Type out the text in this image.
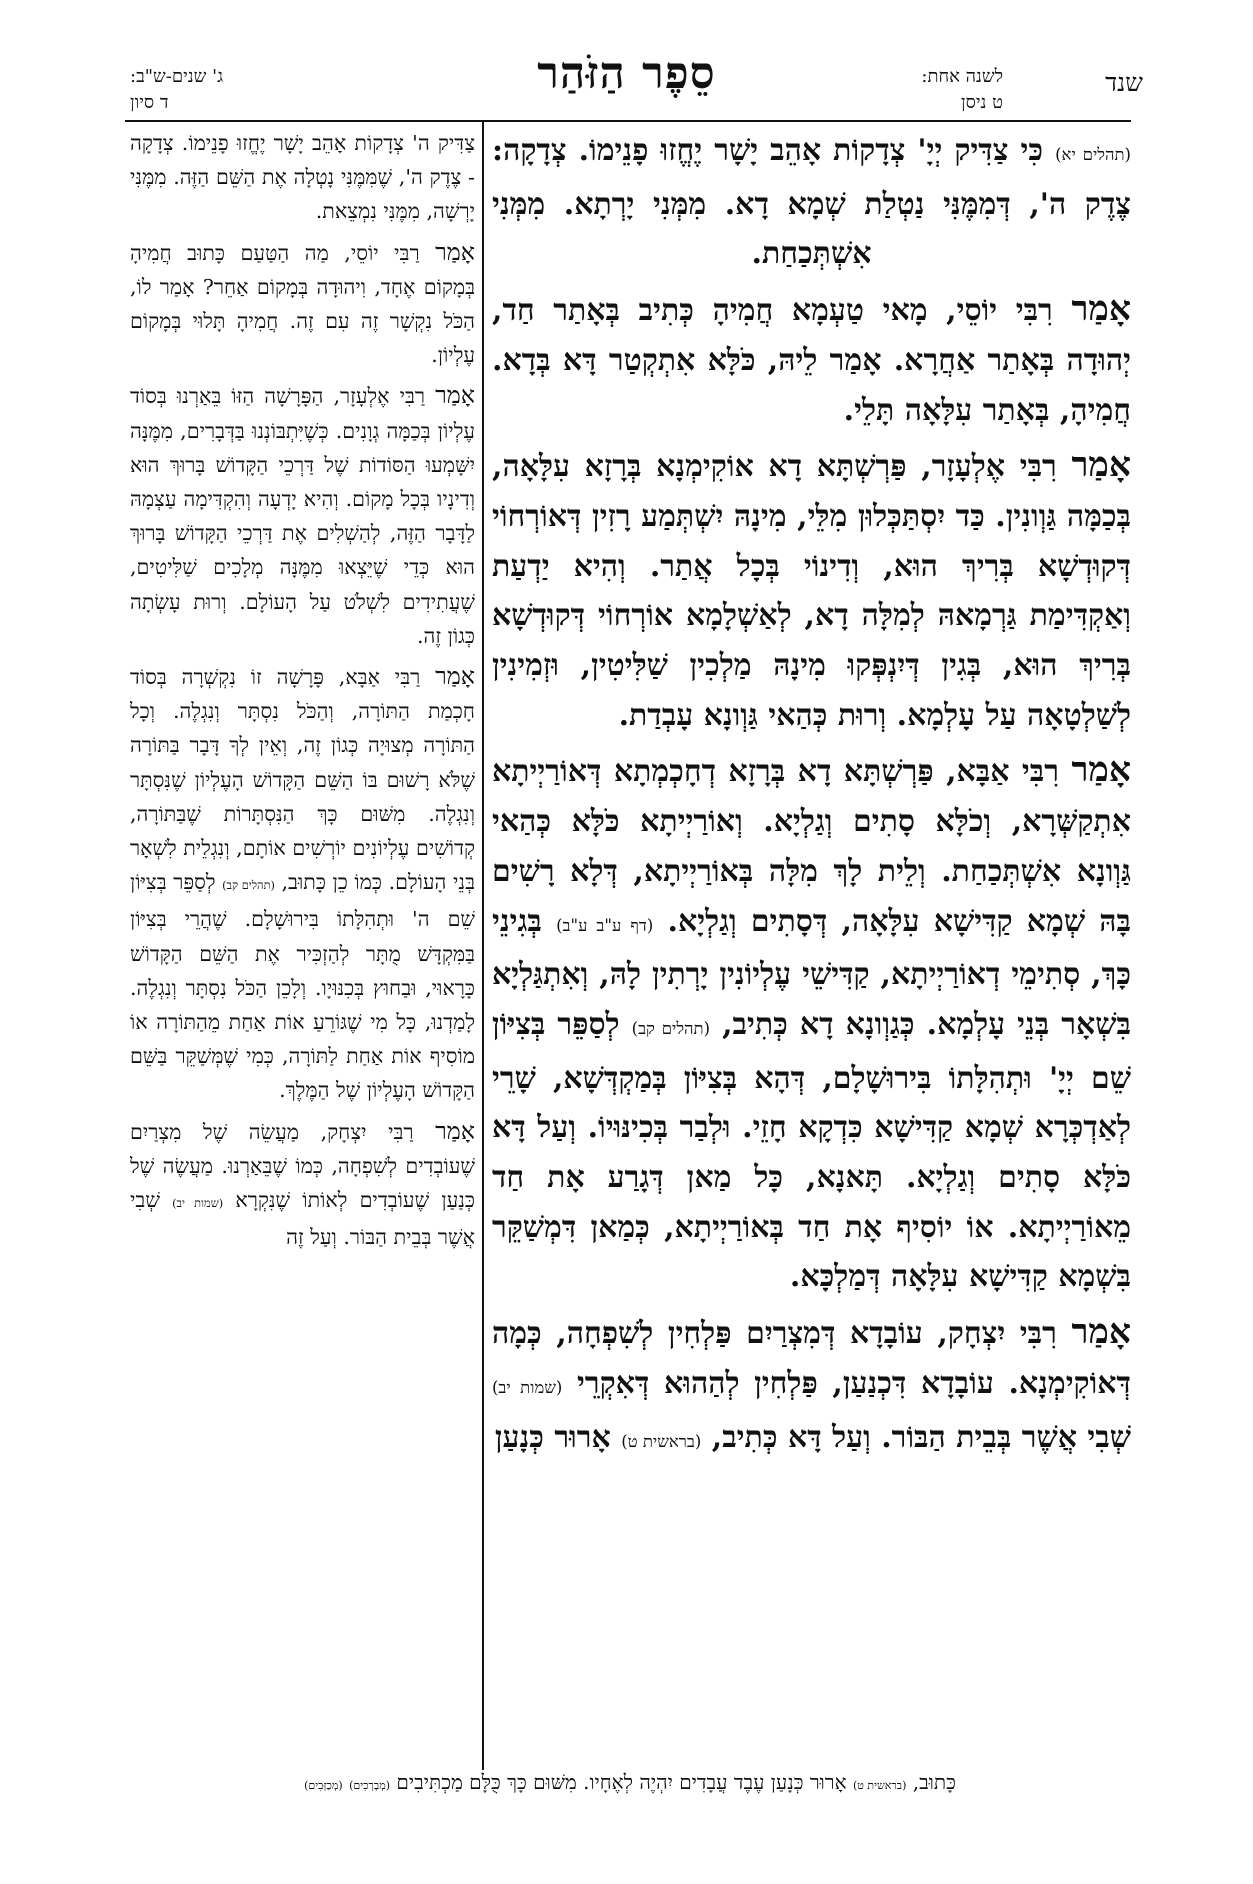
שנד
לשנה אחת:
ט ניסן
סֵפֶר הַזֹּהַר
ג' שנים-ש"ב:
ד סיון

(תהלים יא) כִּי צַדִּיק יְיָ' צְדָקוֹת אָהֵב יָשָׁר יֶחֱזוּ פָנֵימוֹ. צְדָקָה: צֶדֶק ה', דְּמִמֶּנִּי נַטְלַת שְׁמָא דָא. מִמְּנִי יָרְתָא. מִמְּנִי אִשְׁתְּכַחַת.

אָמַר רִבִּי יוֹסֵי, מָאי טַעְמָא חֲמִיהָ כְּתִיב בְּאָתַר חַד, יְהוּדָה בְּאָתַר אַחֲרָא. אָמַר לֵיהּ, כֹּלָּא אִתְקְטַר דָּא בְּדָא. חֲמִיהָ, בְּאָתַר עִלָּאָה תָּלֵי.

אָמַר רִבִּי אֶלְעָזָר, פַּרְשְׁתָּא דָא אוֹקִימְנָא בְּרָזָא עִלָּאָה, בְּכַמָּה גַּוְונִין. כַּד יִסְתַּכְּלוּן מִלֵּי, מִינָהּ יִשְׁתְּמַע רָזִין דְּאוֹרְחוֹי דְּקוּדְשָׁא בְּרִיךְ הוּא, וְדִינוֹי בְּכָל אֲתַר. וְהִיא יַדְעַת וְאַקְדִּימַת גַּרְמָאהּ לְמִלָּה דָא, לְאַשְׁלָמָא אוֹרְחוֹי דְּקוּדְשָׁא בְּרִיךְ הוּא, בְּגִין דְּיִנְפְּקוּ מִינָהּ מַלְכִין שַׁלִּיטִין, וּזְמִינִין לְשַׁלְטָאָה עַל עָלְמָא. וְרוּת כְּהַאי גַּוְונָא עָבְדַת.

אָמַר רִבִּי אַבָּא, פַּרְשְׁתָּא דָא בְּרָזָא דְחָכְמְתָא דְּאוֹרַיְיתָא אִתְקַשְּׁרָא, וְכֹלָּא סָתִים וְגַלְיָא. וְאוֹרַיְיתָא כֹּלָּא כְּהַאי גַּוְונָא אִשְׁתְּכַחַת. וְלֵית לָךְ מִלָּה בְּאוֹרַיְיתָא, דְּלָא רָשִׁים בָּהּ שְׁמָא קַדִּישָׁא עִלָּאָה, דְּסָתִים וְגַלְיָא. (דף ע"ב ע"ב) בְּגִינֵי כָּךְ, סְתִימֵי דְאוֹרַיְיתָא, קַדִּישֵׁי עֶלְיוֹנִין יָרְתִין לָהּ, וְאִתְגַּלְיָא בִּשְׁאָר בְּנֵי עָלְמָא. כְּגַוְונָא דָא כְּתִיב, (תהלים קב) לְסַפֵּר בְּצִיּוֹן שֵׁם יְיָ' וּתְהִלָּתוֹ בִּירוּשָׁלָם, דְּהָא בְּצִיּוֹן בְּמַקְדְּשָׁא, שָׁרֵי לְאַדְכְּרָא שְׁמָא קַדִּישָׁא כִּדְקָא חָזֵי. וּלְבַר בְּכִינּוּיוֹ. וְעַל דָּא כֹּלָּא סָתִים וְגַלְיָא. תָּאנָא, כָּל מַאן דְּגָרַע אָת חַד מֵאוֹרַיְיתָא. אוֹ יוֹסִיף אָת חַד בְּאוֹרַיְיתָא, כְּמַאן דִּמְשַׁקֵּר בִּשְׁמָא קַדִּישָׁא עִלָּאָה דְּמַלְכָּא.

אָמַר רִבִּי יִצְחָק, עוֹבָדָא דְּמִצְרַיִם פַּלְחִין לְשִׁפְחָה, כְּמָה דְּאוֹקִימְנָא. עוֹבָדָא דִּכְנַעַן, פַּלְחִין לְהַהוּא דְּאִקְרֵי (שמות יב) שְׁבִי אֲשֶׁר בְּבֵית הַבּוֹר. וְעַל דָּא כְּתִיב, (בראשית ט) אָרוּר כְּנָעַן

צַדִּיק ה' צְדָקוֹת אָהֵב יָשָׁר יֶחֱזוּ פָנֵימוֹ. צְדָקָה - צֶדֶק ה', שֶׁמִּמֶּנִּי נָטְלָה אֶת הַשֵּׁם הַזֶּה. מִמֶּנִּי יָרְשָׁה, מִמֶּנִּי נִמְצֵאת.

אָמַר רַבִּי יוֹסֵי, מַה הַטַּעַם כָּתוּב חֲמִיהָ בְּמָקוֹם אֶחָד, וִיהוּדָה בְּמָקוֹם אַחֵר? אָמַר לוֹ, הַכֹּל נִקְשָׁר זֶה עִם זֶה. חֲמִיהָ תָּלוּי בְּמָקוֹם עֶלְיוֹן.

אָמַר רַבִּי אֶלְעָזָר, הַפָּרָשָׁה הַזּוֹ בֵּאַרְנוּ בְּסוֹד עֶלְיוֹן בְּכַמָּה גְוָנִים. כְּשֶׁיִּתְבּוֹנְנוּ בַּדְּבָרִים, מִמֶּנָּה יִשָּׁמְעוּ הַסּוֹדוֹת שֶׁל דַּרְכֵי הַקָּדוֹשׁ בָּרוּךְ הוּא וְדִינָיו בְּכָל מָקוֹם. וְהִיא יָדְעָה וְהִקְדִּימָה עַצְמָהּ לַדָּבָר הַזֶּה, לְהַשְׁלִים אֶת דַּרְכֵי הַקָּדוֹשׁ בָּרוּךְ הוּא כְּדֵי שֶׁיֵּצְאוּ מִמֶּנָּה מְלָכִים שַׁלִּיטִים, שֶׁעֲתִידִים לִשְׁלֹט עַל הָעוֹלָם. וְרוּת עָשְׂתָה כְּגוֹן זֶה.

אָמַר רַבִּי אַבָּא, פָּרָשָׁה זוֹ נִקְשְׁרָה בְּסוֹד חָכְמַת הַתּוֹרָה, וְהַכֹּל נִסְתָּר וְנִגְלֶה. וְכָל הַתּוֹרָה מְצוּיָה כְּגוֹן זֶה, וְאֵין לְךָ דָּבָר בַּתּוֹרָה שֶׁלֹּא רָשׁוּם בּוֹ הַשֵּׁם הַקָּדוֹשׁ הָעֶלְיוֹן שֶׁנִּסְתָּר וְנִגְלֶה. מִשּׁוּם כָּךְ הַנִּסְתָּרוֹת שֶׁבַּתּוֹרָה, קְדוֹשִׁים עֶלְיוֹנִים יוֹרְשִׁים אוֹתָם, וְנִגְלֵית לִשְׁאָר בְּנֵי הָעוֹלָם. כְּמוֹ כֵן כָּתוּב, (תהלים קב) לְסַפֵּר בְּצִיּוֹן שֵׁם ה' וּתְהִלָּתוֹ בִּירוּשָׁלָם. שֶׁהֲרֵי בְּצִיּוֹן בַּמִּקְדָּשׁ מֻתָּר לְהַזְכִּיר אֶת הַשֵּׁם הַקָּדוֹשׁ כָּרָאוּי, וּבַחוּץ בְּכִנּוּיָו. וְלָכֵן הַכֹּל נִסְתָּר וְנִגְלֶה. לָמַדְנוּ, כָּל מִי שֶׁגּוֹרֵעַ אוֹת אַחַת מֵהַתּוֹרָה אוֹ מוֹסִיף אוֹת אַחַת לַתּוֹרָה, כְּמִי שֶׁמְּשַׁקֵּר בַּשֵּׁם הַקָּדוֹשׁ הָעֶלְיוֹן שֶׁל הַמֶּלֶךְ.

אָמַר רַבִּי יִצְחָק, מַעֲשֵׂה שֶׁל מִצְרַיִם שֶׁעוֹבְדִים לְשִׁפְחָה, כְּמוֹ שֶׁבֵּאַרְנוּ. מַעֲשֶׂה שֶׁל כְּנַעַן שֶׁעוֹבְדִים לְאוֹתוֹ שֶׁנִּקְרָא (שמות יב) שְׁבִי אֲשֶׁר בְּבֵית הַבּוֹר. וְעַל זֶה

כָּתוּב, (בראשית ט) אָרוּר כְּנָעַן עֶבֶד עֲבָדִים יִהְיֶה לְאֶחָיו. מִשּׁוּם כָּךְ כֻּלָּם מַכְתִּיבִים (מְבָרְכִים) (מְכַזְּבִים)
